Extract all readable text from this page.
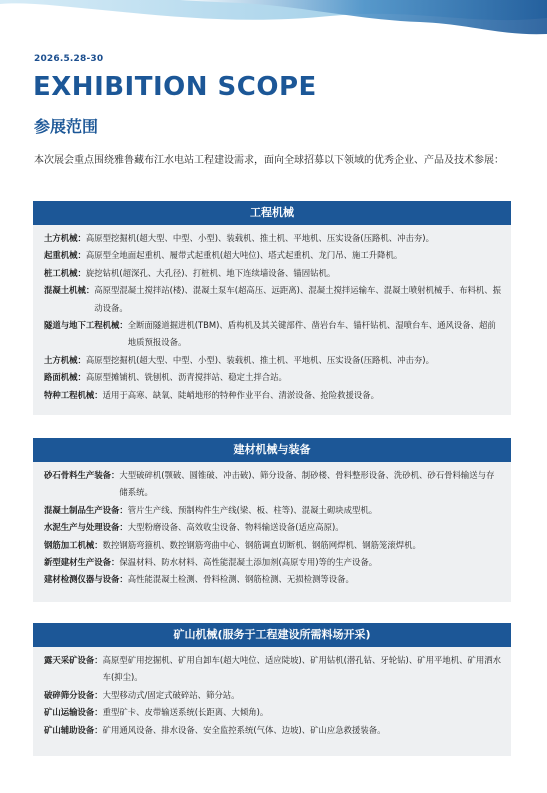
2026.5.28-30
EXHIBITION SCOPE
参展范围
本次展会重点围绕雅鲁藏布江水电站工程建设需求，面向全球招募以下领域的优秀企业、产品及技术参展：
工程机械
土方机械： 高原型挖掘机(超大型、中型、小型)、装载机、推土机、平地机、压实设备(压路机、冲击夯)。
起重机械： 高原型全地面起重机、履带式起重机(超大吨位)、塔式起重机、龙门吊、施工升降机。
桩工机械： 旋挖钻机(超深孔、大孔径)、打桩机、地下连续墙设备、锚固钻机。
混凝土机械： 高原型混凝土搅拌站(楼)、混凝土泵车(超高压、远距离)、混凝土搅拌运输车、混凝土喷射机械手、布料机、振动设备。
隧道与地下工程机械： 全断面隧道掘进机(TBM)、盾构机及其关键部件、凿岩台车、锚杆钻机、湿喷台车、通风设备、超前地质预报设备。
土方机械： 高原型挖掘机(超大型、中型、小型)、装载机、推土机、平地机、压实设备(压路机、冲击夯)。
路面机械： 高原型摊铺机、铣刨机、沥青搅拌站、稳定土拌合站。
特种工程机械： 适用于高寒、缺氧、陡峭地形的特种作业平台、清淤设备、抢险救援设备。
建材机械与装备
砂石骨料生产装备： 大型破碎机(颚破、圆锥破、冲击破)、筛分设备、制砂楼、骨料整形设备、洗砂机、砂石骨料输送与存储系统。
混凝土制品生产设备： 管片生产线、预制构件生产线(梁、板、柱等)、混凝土砌块成型机。
水泥生产与处理设备： 大型粉磨设备、高效收尘设备、物料输送设备(适应高原)。
钢筋加工机械： 数控钢筋弯箍机、数控钢筋弯曲中心、钢筋调直切断机、钢筋网焊机、钢筋笼滚焊机。
新型建材生产设备： 保温材料、防水材料、高性能混凝土添加剂(高原专用)等的生产设备。
建材检测仪器与设备： 高性能混凝土检测、骨料检测、钢筋检测、无损检测等设备。
矿山机械(服务于工程建设所需料场开采)
露天采矿设备： 高原型矿用挖掘机、矿用自卸车(超大吨位、适应陡坡)、矿用钻机(潜孔钻、牙轮钻)、矿用平地机、矿用洒水车(抑尘)。
破碎筛分设备： 大型移动式/固定式破碎站、筛分站。
矿山运输设备： 重型矿卡、皮带输送系统(长距离、大倾角)。
矿山辅助设备： 矿用通风设备、排水设备、安全监控系统(气体、边坡)、矿山应急救援装备。
